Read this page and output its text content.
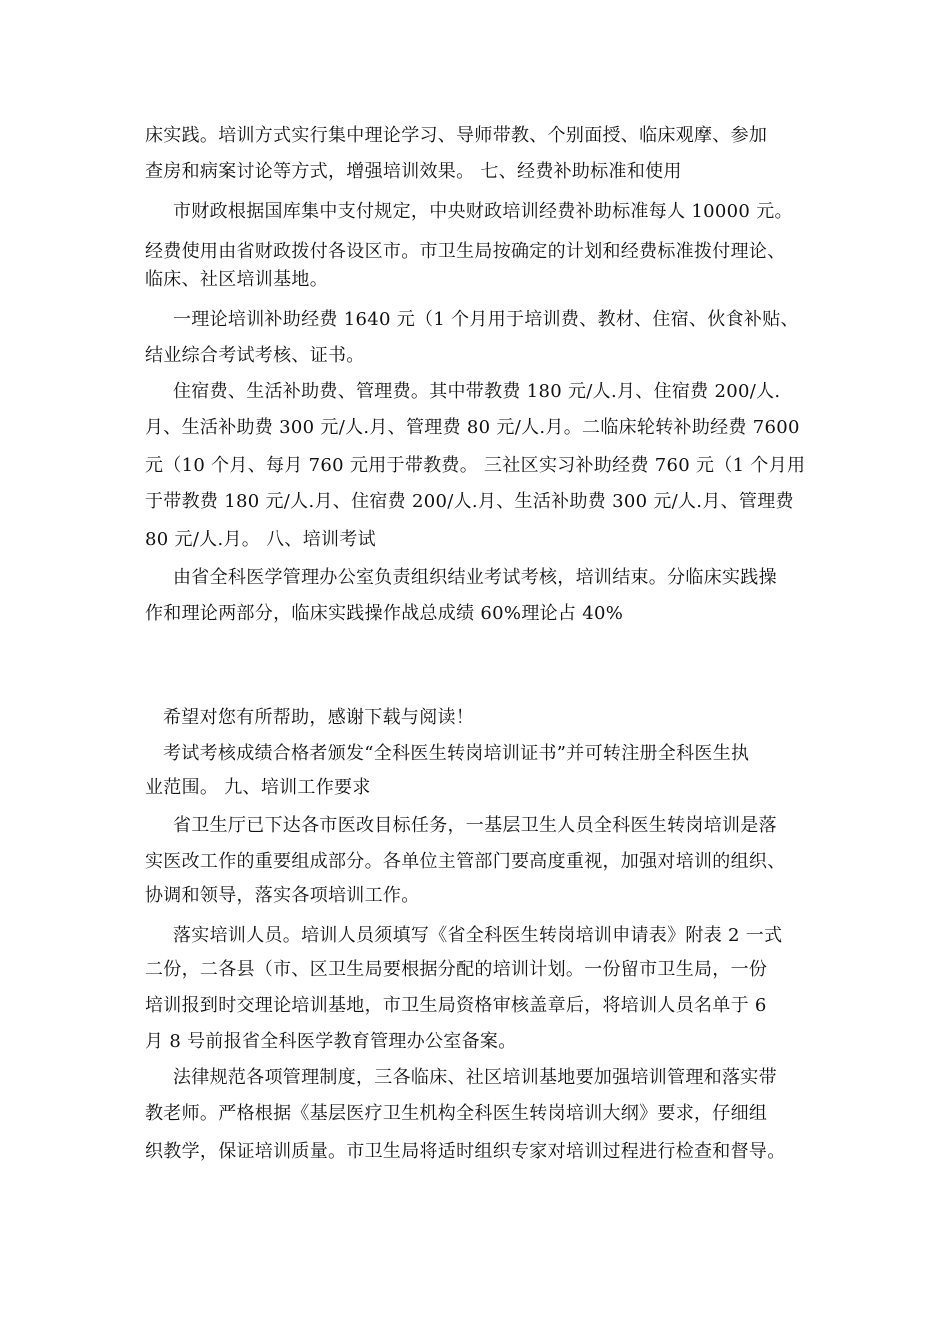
床实践。培训方式实行集中理论学习、导师带教、个别面授、临床观摩、参加
查房和病案讨论等方式，增强培训效果。 七、经费补助标准和使用
市财政根据国库集中支付规定，中央财政培训经费补助标准每人 10000 元。
经费使用由省财政拨付各设区市。市卫生局按确定的计划和经费标准拨付理论、
临床、社区培训基地。
一理论培训补助经费 1640 元（1 个月用于培训费、教材、住宿、伙食补贴、
结业综合考试考核、证书。
住宿费、生活补助费、管理费。其中带教费 180 元/人.月、住宿费 200/人.
月、生活补助费 300 元/人.月、管理费 80 元/人.月。二临床轮转补助经费 7600
元（10 个月、每月 760 元用于带教费。 三社区实习补助经费 760 元（1 个月用
于带教费 180 元/人.月、住宿费 200/人.月、生活补助费 300 元/人.月、管理费
80 元/人.月。 八、培训考试
由省全科医学管理办公室负责组织结业考试考核，培训结束。分临床实践操
作和理论两部分，临床实践操作战总成绩 60%理论占 40%
希望对您有所帮助，感谢下载与阅读！
考试考核成绩合格者颁发“全科医生转岗培训证书”并可转注册全科医生执
业范围。 九、培训工作要求
省卫生厅已下达各市医改目标任务，一基层卫生人员全科医生转岗培训是落
实医改工作的重要组成部分。各单位主管部门要高度重视，加强对培训的组织、
协调和领导，落实各项培训工作。
落实培训人员。培训人员须填写《省全科医生转岗培训申请表》附表 2 一式
二份，二各县（市、区卫生局要根据分配的培训计划。一份留市卫生局，一份
培训报到时交理论培训基地，市卫生局资格审核盖章后，将培训人员名单于 6
月 8 号前报省全科医学教育管理办公室备案。
法律规范各项管理制度，三各临床、社区培训基地要加强培训管理和落实带
教老师。严格根据《基层医疗卫生机构全科医生转岗培训大纲》要求，仔细组
织教学，保证培训质量。市卫生局将适时组织专家对培训过程进行检查和督导。
